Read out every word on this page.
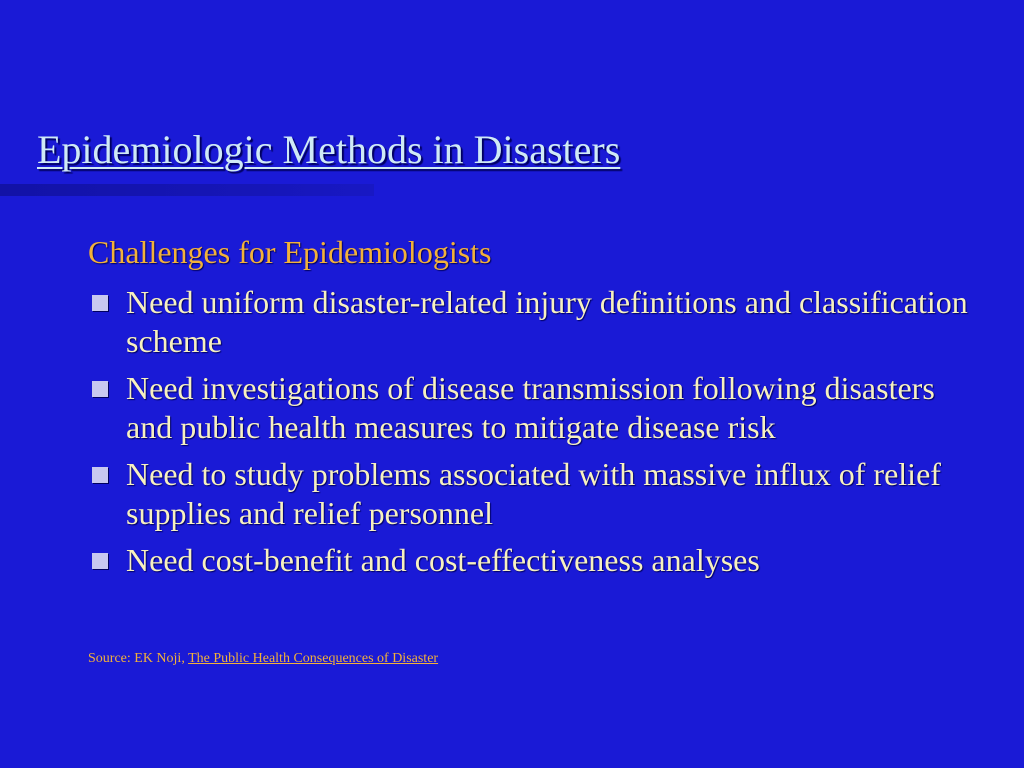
Epidemiologic Methods in Disasters
Challenges for Epidemiologists
Need uniform disaster-related injury definitions and classification scheme
Need investigations of disease transmission following disasters and public health measures to mitigate disease risk
Need to study problems associated with massive influx of relief supplies and relief personnel
Need cost-benefit and cost-effectiveness analyses
Source: EK Noji, The Public Health Consequences of Disaster
